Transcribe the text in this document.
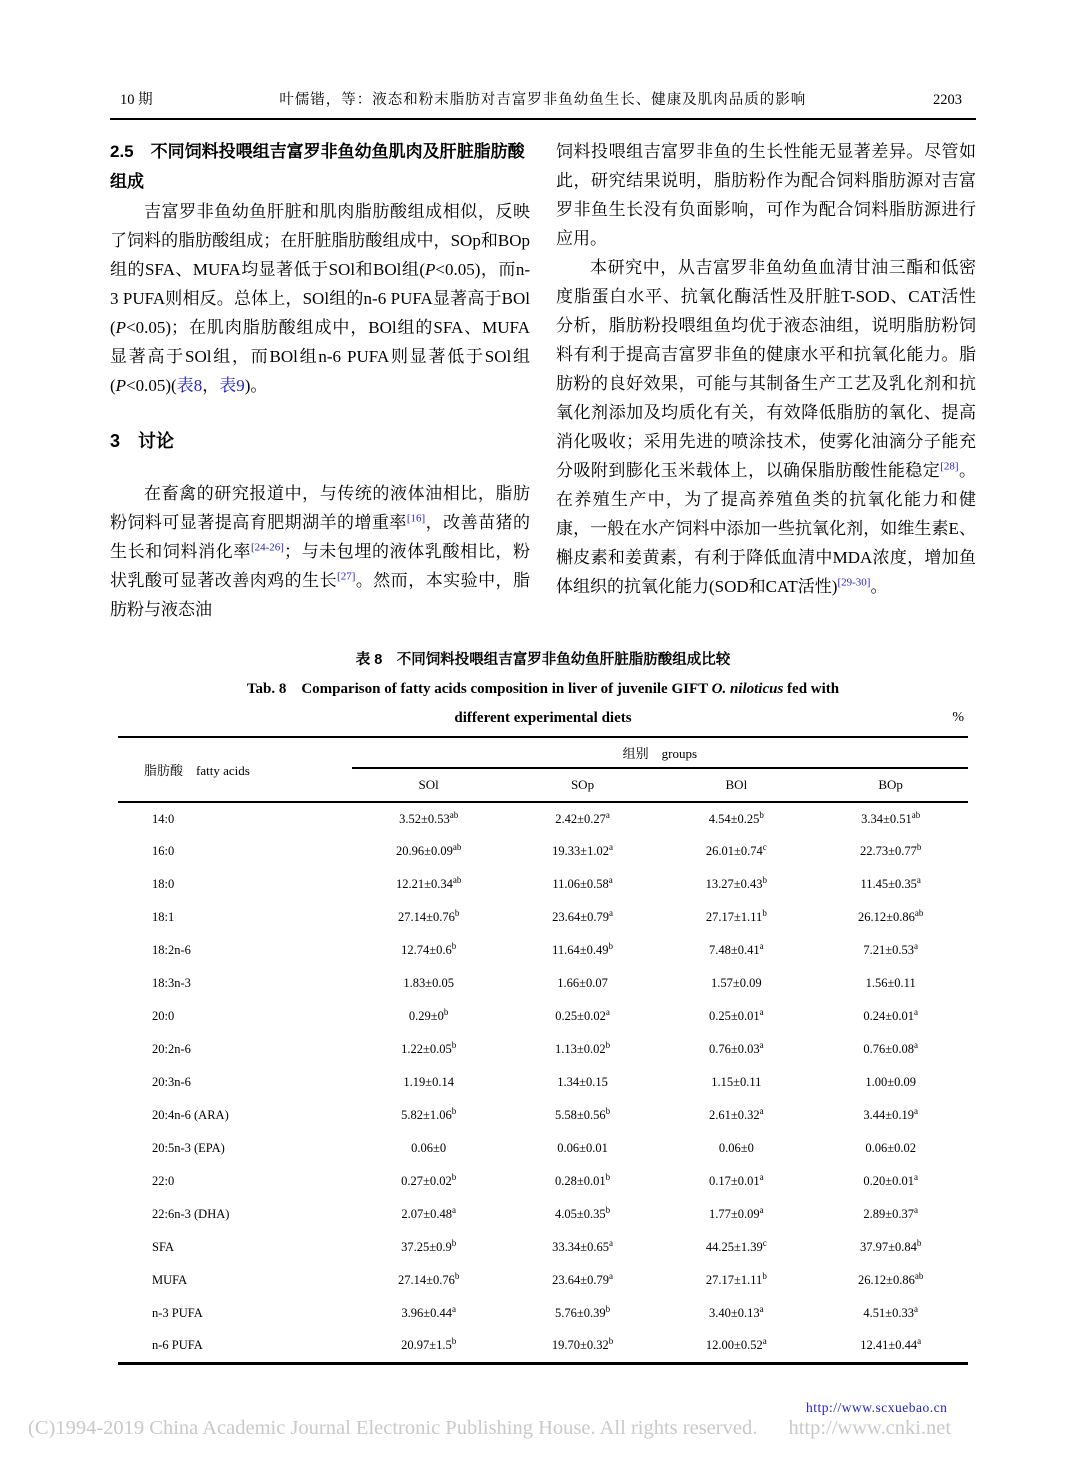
10 期	叶儒锴，等：液态和粉末脂肪对吉富罗非鱼幼鱼生长、健康及肌肉品质的影响	2203
2.5　不同饲料投喂组吉富罗非鱼幼鱼肌肉及肝脏脂肪酸组成

吉富罗非鱼幼鱼肝脏和肌肉脂肪酸组成相似，反映了饲料的脂肪酸组成；在肝脏脂肪酸组成中，SOp和BOp组的SFA、MUFA均显著低于SOl和BOl组(P<0.05)，而n-3 PUFA则相反。总体上，SOl组的n-6 PUFA显著高于BOl (P<0.05)；在肌肉脂肪酸组成中，BOl组的SFA、MUFA显著高于SOl组，而BOl组n-6 PUFA则显著低于SOl组(P<0.05)(表8，表9)。

3　讨论

在畜禽的研究报道中，与传统的液体油相比，脂肪粉饲料可显著提高育肥期湖羊的增重率[16]，改善苗猪的生长和饲料消化率[24-26]；与未包埋的液体乳酸相比，粉状乳酸可显著改善肉鸡的生长[27]。然而，本实验中，脂肪粉与液态油

饲料投喂组吉富罗非鱼的生长性能无显著差异。尽管如此，研究结果说明，脂肪粉作为配合饲料脂肪源对吉富罗非鱼生长没有负面影响，可作为配合饲料脂肪源进行应用。

本研究中，从吉富罗非鱼幼鱼血清甘油三酯和低密度脂蛋白水平、抗氧化酶活性及肝脏T-SOD、CAT活性分析，脂肪粉投喂组鱼均优于液态油组，说明脂肪粉饲料有利于提高吉富罗非鱼的健康水平和抗氧化能力。脂肪粉的良好效果，可能与其制备生产工艺及乳化剂和抗氧化剂添加及均质化有关，有效降低脂肪的氧化、提高消化吸收；采用先进的喷涂技术，使雾化油滴分子能充分吸附到膨化玉米载体上，以确保脂肪酸性能稳定[28]。在养殖生产中，为了提高养殖鱼类的抗氧化能力和健康，一般在水产饲料中添加一些抗氧化剂，如维生素E、槲皮素和姜黄素，有利于降低血清中MDA浓度，增加鱼体组织的抗氧化能力(SOD和CAT活性)[29-30]。

表 8　不同饲料投喂组吉富罗非鱼幼鱼肝脏脂肪酸组成比较
Tab. 8　Comparison of fatty acids composition in liver of juvenile GIFT O. niloticus fed with
different experimental diets	%
脂肪酸　fatty acids	组别　groups			
	SOl	SOp	BOl	BOp
14:0	3.52±0.53$^{ab}$	2.42±0.27$^a$	4.54±0.25$^b$	3.34±0.51$^{ab}$
16:0	20.96±0.09$^{ab}$	19.33±1.02$^a$	26.01±0.74$^c$	22.73±0.77$^b$
18:0	12.21±0.34$^{ab}$	11.06±0.58$^a$	13.27±0.43$^b$	11.45±0.35$^a$
18:1	27.14±0.76$^b$	23.64±0.79$^a$	27.17±1.11$^b$	26.12±0.86$^{ab}$
18:2n-6	12.74±0.6$^b$	11.64±0.49$^b$	7.48±0.41$^a$	7.21±0.53$^a$
18:3n-3	1.83±0.05	1.66±0.07	1.57±0.09	1.56±0.11
20:0	$0.29\pm 0^b$	0.25±0.02$^a$	0.25±0.01$^a$	0.24±0.01$^a$
20:2n-6	1.22±0.05$^b$	1.13±0.02$^b$	0.76±0.03$^a$	0.76±0.08$^a$
20:3n-6	1.19±0.14	1.34±0.15	1.15±0.11	1.00±0.09
20:4n-6 (ARA)	5.82±1.06$^b$	5.58±0.56$^b$	2.61±0.32$^a$	3.44±0.19$^a$
20:5n-3 (EPA)	0.06±0	0.06±0.01	0.06±0	0.06±0.02
22:0	0.27±0.02$^b$	0.28±0.01$^b$	0.17±0.01$^a$	0.20±0.01$^a$
22:6n-3 (DHA)	2.07±0.48$^a$	4.05±0.35$^b$	1.77±0.09$^a$	2.89±0.37$^a$
SFA	37.25±0.9$^b$	33.34±0.65$^a$	44.25±1.39$^c$	37.97±0.84$^b$
MUFA	27.14±0.76$^b$	23.64±0.79$^a$	27.17±1.11$^b$	26.12±0.86$^{ab}$
n-3 PUFA	3.96±0.44$^a$	5.76±0.39$^b$	3.40±0.13$^a$	4.51±0.33$^a$
n-6 PUFA	20.97±1.5$^b$	19.70±0.32$^b$	12.00±0.52$^a$	12.41±0.44$^a$
http://www.scxuebao.cn
(C)1994-2019 China Academic Journal Electronic Publishing House. All rights reserved. http://www.cnki.net
